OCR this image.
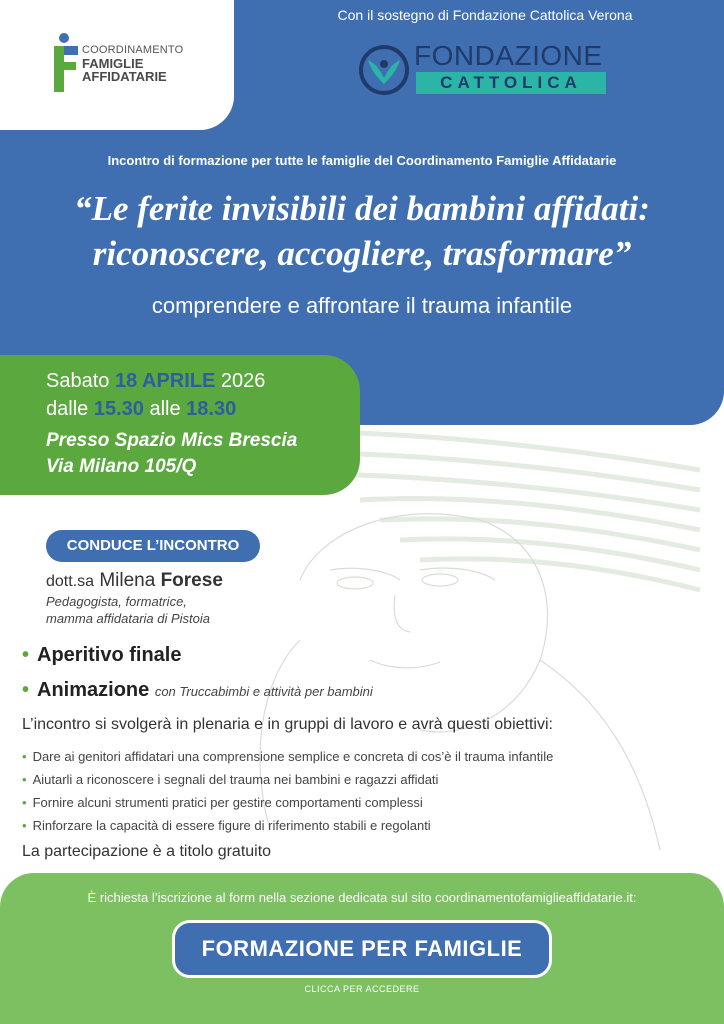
COORDINAMENTO
FAMIGLIE
AFFIDATARIE
Con il sostegno di Fondazione Cattolica Verona
FONDAZIONE
CATTOLICA
Incontro di formazione per tutte le famiglie del Coordinamento Famiglie Affidatarie
“Le ferite invisibili dei bambini affidati:
riconoscere, accogliere, trasformare”
comprendere e affrontare il trauma infantile
Sabato 18 APRILE 2026
dalle 15.30 alle 18.30
Presso Spazio Mics Brescia
Via Milano 105/Q
CONDUCE L’INCONTRO
dott.sa Milena Forese
Pedagogista, formatrice,
mamma affidataria di Pistoia
• Aperitivo finale
• Animazione con Truccabimbi e attività per bambini
L’incontro si svolgerà in plenaria e in gruppi di lavoro e avrà questi obiettivi:
• Dare ai genitori affidatari una comprensione semplice e concreta di cos’è il trauma infantile
• Aiutarli a riconoscere i segnali del trauma nei bambini e ragazzi affidati
• Fornire alcuni strumenti pratici per gestire comportamenti complessi
• Rinforzare la capacità di essere figure di riferimento stabili e regolanti
La partecipazione è a titolo gratuito
È richiesta l’iscrizione al form nella sezione dedicata sul sito coordinamentofamiglieaffidatarie.it:
FORMAZIONE PER FAMIGLIE
CLICCA PER ACCEDERE
